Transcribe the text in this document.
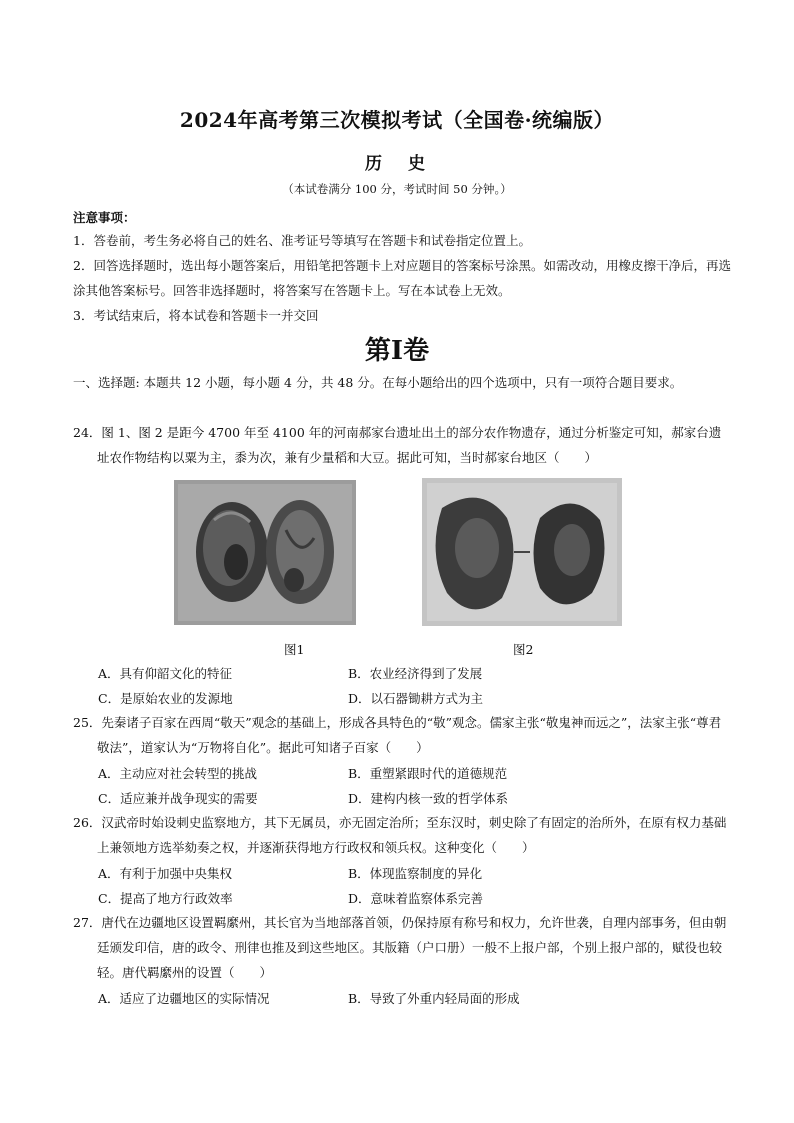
2024年高考第三次模拟考试（全国卷·统编版）
历 史
（本试卷满分 100 分，考试时间 50 分钟。）
注意事项：
1．答卷前，考生务必将自己的姓名、准考证号等填写在答题卡和试卷指定位置上。
2．回答选择题时，选出每小题答案后，用铅笔把答题卡上对应题目的答案标号涂黑。如需改动，用橡皮擦干净后，再选涂其他答案标号。回答非选择题时，将答案写在答题卡上。写在本试卷上无效。
3．考试结束后，将本试卷和答题卡一并交回
第Ⅰ卷
一、选择题: 本题共 12 小题，每小题 4 分，共 48 分。在每小题给出的四个选项中，只有一项符合题目要求。
24．图 1、图 2 是距今 4700 年至 4100 年的河南郝家台遗址出土的部分农作物遗存，通过分析鉴定可知，郝家台遗址农作物结构以粟为主，黍为次，兼有少量稻和大豆。据此可知，当时郝家台地区（　　）
图1	图2
A．具有仰韶文化的特征	B．农业经济得到了发展
C．是原始农业的发源地	D．以石器锄耕方式为主
25．先秦诸子百家在西周“敬天”观念的基础上，形成各具特色的“敬”观念。儒家主张“敬鬼神而远之”，法家主张“尊君敬法”，道家认为“万物将自化”。据此可知诸子百家（　　）
A．主动应对社会转型的挑战	B．重塑紧跟时代的道德规范
C．适应兼并战争现实的需要	D．建构内核一致的哲学体系
26．汉武帝时始设刺史监察地方，其下无属员，亦无固定治所；至东汉时，刺史除了有固定的治所外，在原有权力基础上兼领地方选举劾奏之权，并逐渐获得地方行政权和领兵权。这种变化（　　）
A．有利于加强中央集权	B．体现监察制度的异化
C．提高了地方行政效率	D．意味着监察体系完善
27．唐代在边疆地区设置羁縻州，其长官为当地部落首领，仍保持原有称号和权力，允许世袭，自理内部事务，但由朝廷颁发印信，唐的政令、刑律也推及到这些地区。其版籍（户口册）一般不上报户部，个别上报户部的，赋役也较轻。唐代羁縻州的设置（　　）
A．适应了边疆地区的实际情况	B．导致了外重内轻局面的形成
